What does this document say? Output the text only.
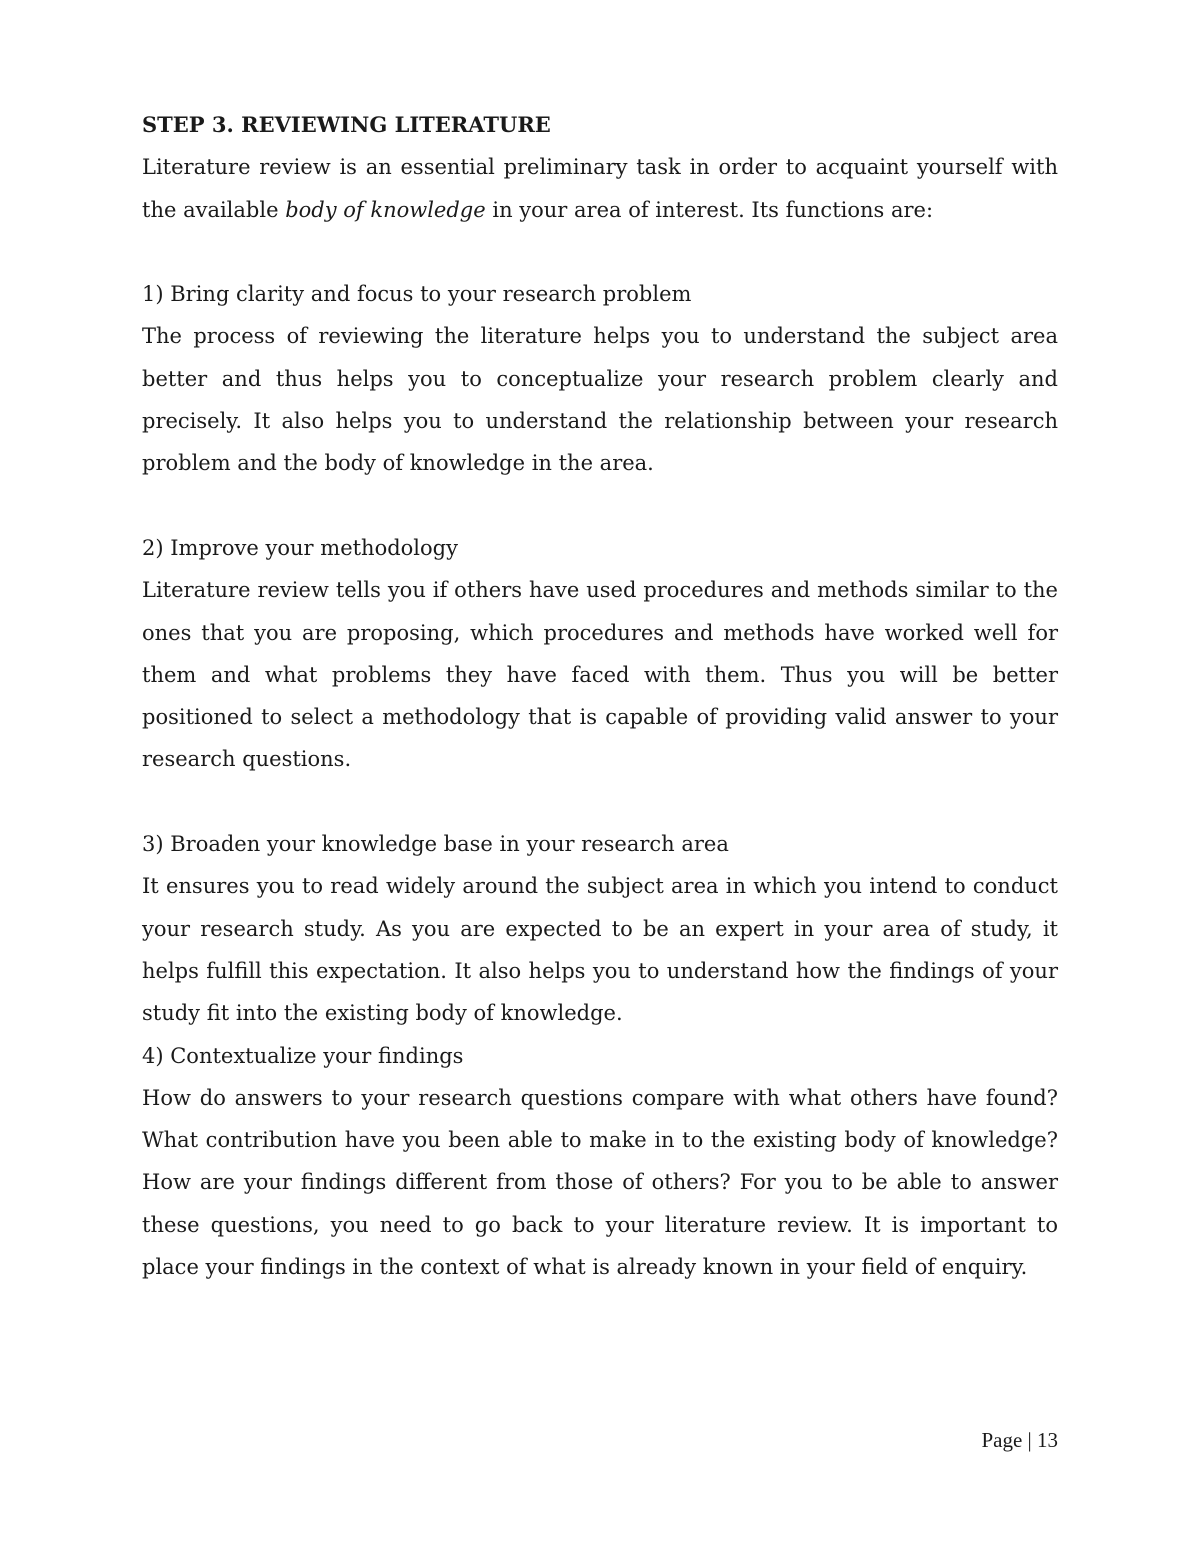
STEP 3. REVIEWING LITERATURE

Literature review is an essential preliminary task in order to acquaint yourself with the available body of knowledge in your area of interest. Its functions are:

1) Bring clarity and focus to your research problem

The process of reviewing the literature helps you to understand the subject area better and thus helps you to conceptualize your research problem clearly and precisely. It also helps you to understand the relationship between your research problem and the body of knowledge in the area.

2) Improve your methodology

Literature review tells you if others have used procedures and methods similar to the ones that you are proposing, which procedures and methods have worked well for them and what problems they have faced with them. Thus you will be better positioned to select a methodology that is capable of providing valid answer to your research questions.

3) Broaden your knowledge base in your research area

It ensures you to read widely around the subject area in which you intend to conduct your research study. As you are expected to be an expert in your area of study, it helps fulfill this expectation. It also helps you to understand how the findings of your study fit into the existing body of knowledge.

4) Contextualize your findings

How do answers to your research questions compare with what others have found? What contribution have you been able to make in to the existing body of knowledge? How are your findings different from those of others? For you to be able to answer these questions, you need to go back to your literature review. It is important to place your findings in the context of what is already known in your field of enquiry.

Page | 13
